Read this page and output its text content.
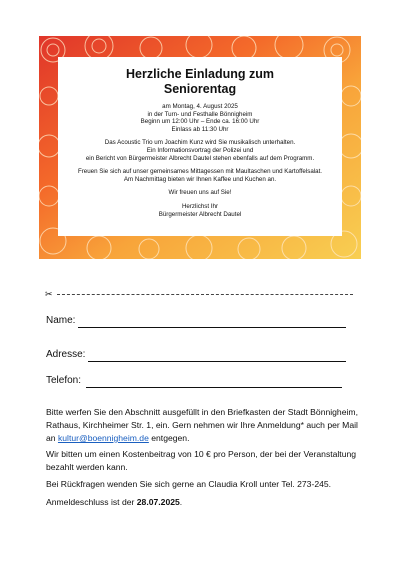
Herzliche Einladung zum
Seniorentag
am Montag, 4. August 2025
in der Turn- und Festhalle Bönnigheim
Beginn um 12:00 Uhr – Ende ca. 16:00 Uhr
Einlass ab 11:30 Uhr
Das Acoustic Trio um Joachim Kunz wird Sie musikalisch unterhalten.
Ein Informationsvortrag der Polizei und
ein Bericht von Bürgermeister Albrecht Dautel stehen ebenfalls auf dem Programm.
Freuen Sie sich auf unser gemeinsames Mittagessen mit Maultaschen und Kartoffelsalat.
Am Nachmittag bieten wir Ihnen Kaffee und Kuchen an.
Wir freuen uns auf Sie!
Herzlichst Ihr
Bürgermeister Albrecht Dautel
✂
Name:
Adresse:
Telefon:
Bitte werfen Sie den Abschnitt ausgefüllt in den Briefkasten der Stadt Bönnigheim, Rathaus, Kirchheimer Str. 1, ein. Gern nehmen wir Ihre Anmeldung* auch per Mail an kultur@boennigheim.de entgegen.
Wir bitten um einen Kostenbeitrag von 10 € pro Person, der bei der Veranstaltung bezahlt werden kann.
Bei Rückfragen wenden Sie sich gerne an Claudia Kroll unter Tel. 273-245.
Anmeldeschluss ist der 28.07.2025.
